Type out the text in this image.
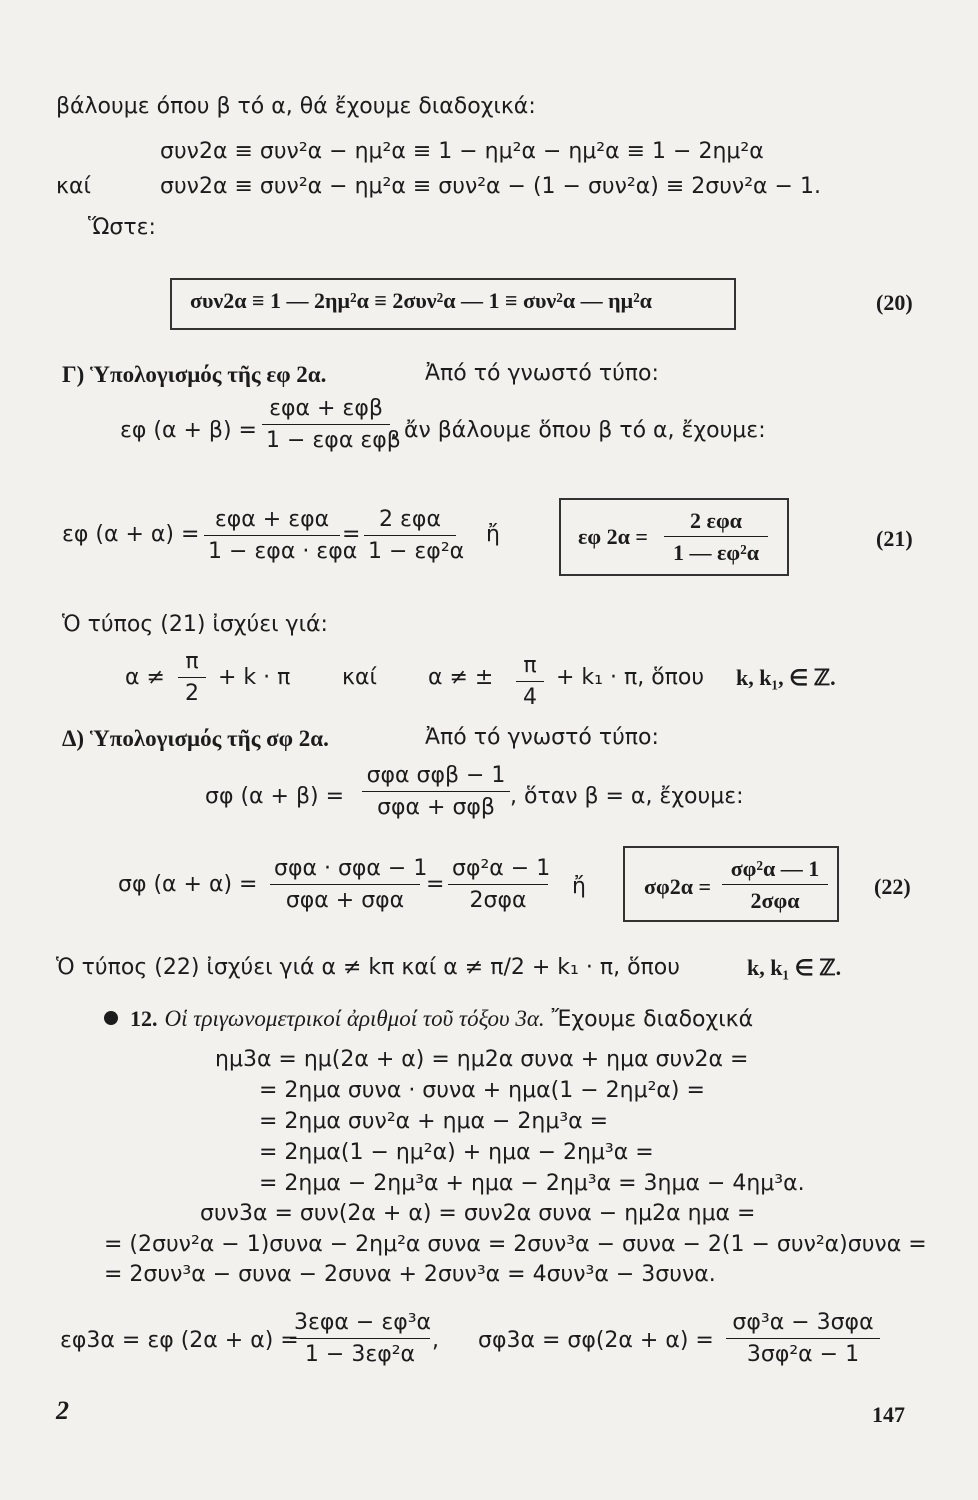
βάλουμε όπου β τό α, θά ἔχουμε διαδοχικά:
συν2α ≡ συν²α − ημ²α ≡ 1 − ημ²α − ημ²α ≡ 1 − 2ημ²α
καί	συν2α ≡ συν²α − ημ²α ≡ συν²α − (1 − συν²α) ≡ 2συν²α − 1.
Ὥστε:
συν2α ≡ 1 — 2ημ²α ≡ 2συν²α — 1 ≡ συν²α — ημ²α	(20)
Γ) Ὑπολογισμός τῆς εφ 2α.	Ἀπό τό γνωστό τύπο:
εφ (α + β) =
εφα + εφβ
1 − εφα εφβ
, ἄν βάλουμε ὅπου β τό α, ἔχουμε:
εφ (α + α) =
εφα + εφα
1 − εφα · εφα
=
2 εφα
1 − εφ²α
ἤ	εφ 2α =
2 εφα
1 — εφ²α
(21)
Ὁ τύπος (21) ἰσχύει γιά:
$\alpha \ne \frac{\pi}{2} + k \cdot \pi$ καί α ≠ ± $\frac{\pi}{4} + k_1 \cdot \pi$, ὅπου k, k₁, ∈ ℤ.
Δ) Ὑπολογισμός τῆς σφ 2α.	Ἀπό τό γνωστό τύπο:
σφ (α + β) =
σφα σφβ − 1
σφα + σφβ , ὅταν β = α, ἔχουμε:
σφ (α + α) =
σφα · σφα − 1
σφα + σφα
=
σφ²α − 1
2σφα
ἤ	σφ2α =
σφ²α — 1
2σφα
(22)
Ὁ τύπος (22) ἰσχύει γιά α ≠ kπ καί α ≠ π/2 + k₁ · π, ὅπου	k, k₁ ∈ ℤ.
12. Οἱ τριγωνομετρικοί ἀριθμοί τοῦ τόξου 3α. Ἔχουμε διαδοχικά
ημ3α = ημ(2α + α) = ημ2α συνα + ημα συν2α =
= 2ημα συνα · συνα + ημα(1 − 2ημ²α) =
= 2ημα συν²α + ημα − 2ημ³α =
= 2ημα(1 − ημ²α) + ημα − 2ημ³α =
= 2ημα − 2ημ³α + ημα − 2ημ³α = 3ημα − 4ημ³α.
συν3α = συν(2α + α) = συν2α συνα − ημ2α ημα =
= (2συν²α − 1)συνα − 2ημ²α συνα = 2συν³α − συνα − 2(1 − συν²α)συνα =
= 2συν³α − συνα − 2συνα + 2συν³α = 4συν³α − 3συνα.
εφ3α = εφ (2α + α) =
3εφα − εφ³α
1 − 3εφ²α
, σφ3α = σφ(2α + α) =
σφ³α − 3σφα
3σφ²α − 1
2	147
